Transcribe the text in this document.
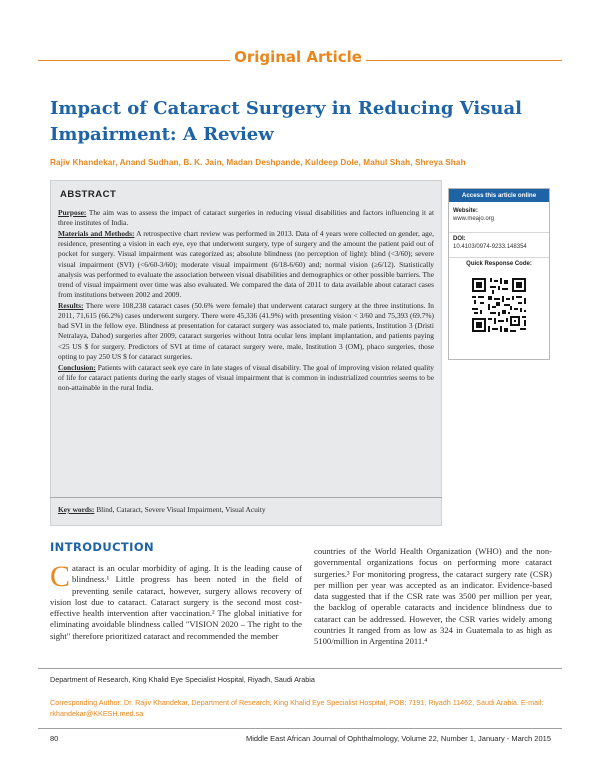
Original Article
Impact of Cataract Surgery in Reducing Visual Impairment: A Review
Rajiv Khandekar, Anand Sudhan, B. K. Jain, Madan Deshpande, Kuldeep Dole, Mahul Shah, Shreya Shah
ABSTRACT

Purpose: The aim was to assess the impact of cataract surgeries in reducing visual disabilities and factors influencing it at three institutes of India.

Materials and Methods: A retrospective chart review was performed in 2013. Data of 4 years were collected on gender, age, residence, presenting a vision in each eye, eye that underwent surgery, type of surgery and the amount the patient paid out of pocket for surgery. Visual impairment was categorized as; absolute blindness (no perception of light): blind (<3/60); severe visual impairment (SVI) (<6/60-3/60); moderate visual impairment (6/18-6/60) and; normal vision (≥6/12). Statistically analysis was performed to evaluate the association between visual disabilities and demographics or other possible barriers. The trend of visual impairment over time was also evaluated. We compared the data of 2011 to data available about cataract cases from institutions between 2002 and 2009.

Results: There were 108,238 cataract cases (50.6% were female) that underwent cataract surgery at the three institutions. In 2011, 71,615 (66.2%) cases underwent surgery. There were 45,336 (41.9%) with presenting vision < 3/60 and 75,393 (69.7%) had SVI in the fellow eye. Blindness at presentation for cataract surgery was associated to, male patients, Institution 3 (Dristi Netralaya, Dahod) surgeries after 2009, cataract surgeries without Intra ocular lens implant implantation, and patients paying <25 US $ for surgery. Predictors of SVI at time of cataract surgery were, male, Institution 3 (OM), phaco surgeries, those opting to pay 250 US $ for cataract surgeries.

Conclusion: Patients with cataract seek eye care in late stages of visual disability. The goal of improving vision related quality of life for cataract patients during the early stages of visual impairment that is common in industrialized countries seems to be non-attainable in the rural India.

Key words: Blind, Cataract, Severe Visual Impairment, Visual Acuity
Access this article online
Website:
www.meajo.org
DOI:
10.4103/0974-9233.148354
Quick Response Code:
INTRODUCTION
Cataract is an ocular morbidity of aging. It is the leading cause of blindness.¹ Little progress has been noted in the field of preventing senile cataract, however, surgery allows recovery of vision lost due to cataract. Cataract surgery is the second most cost-effective health intervention after vaccination.² The global initiative for eliminating avoidable blindness called "VISION 2020 – The right to the sight" therefore prioritized cataract and recommended the member
countries of the World Health Organization (WHO) and the non-governmental organizations focus on performing more cataract surgeries.³ For monitoring progress, the cataract surgery rate (CSR) per million per year was accepted as an indicator. Evidence-based data suggested that if the CSR rate was 3500 per million per year, the backlog of operable cataracts and incidence blindness due to cataract can be addressed. However, the CSR varies widely among countries It ranged from as low as 324 in Guatemala to as high as 5100/million in Argentina 2011.⁴
Department of Research, King Khalid Eye Specialist Hospital, Riyadh, Saudi Arabia
Corresponding Author: Dr. Rajiv Khandekar, Department of Research, King Khalid Eye Specialist Hospital, POB: 7191, Riyadh 11462, Saudi Arabia. E-mail: rkhandekar@KKESH.med.sa
80	Middle East African Journal of Ophthalmology, Volume 22, Number 1, January - March 2015
